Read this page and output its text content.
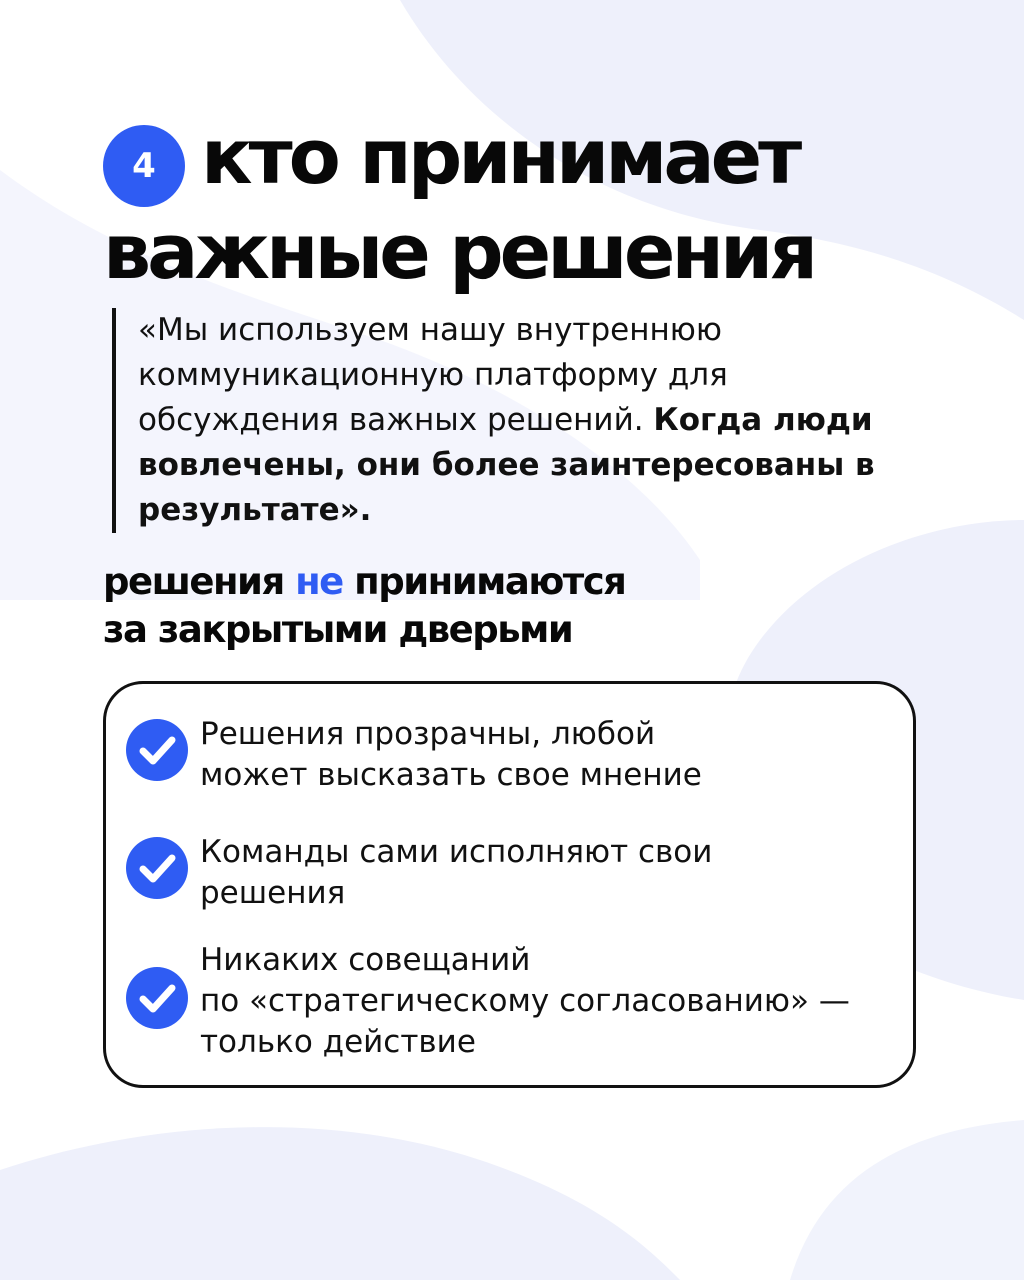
4 кто принимает
важные решения
«Мы используем нашу внутреннюю коммуникационную платформу для обсуждения важных решений. Когда люди вовлечены, они более заинтересованы в результате».
решения не принимаются
за закрытыми дверьми
Решения прозрачны, любой
может высказать свое мнение
Команды сами исполняют свои
решения
Никаких совещаний
по «стратегическому согласованию» —
только действие
